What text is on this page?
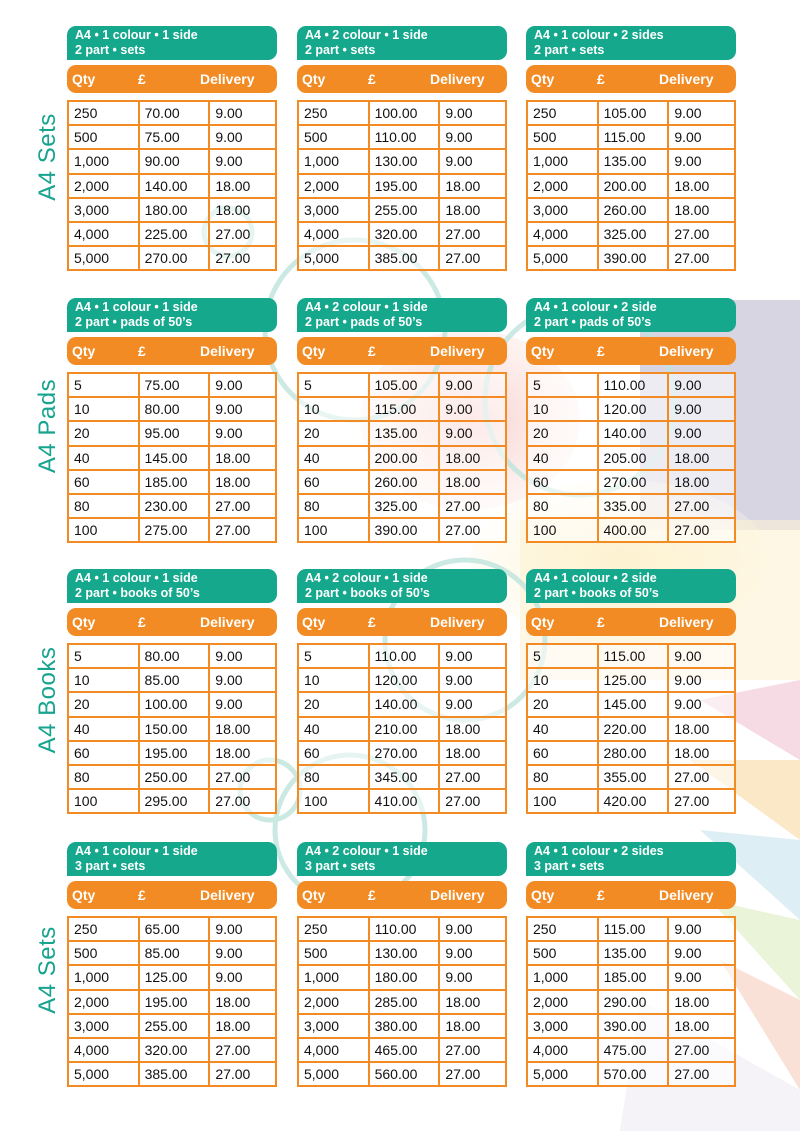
A4 Sets
A4 Pads
A4 Books
A4 Sets
A4 • 1 colour • 1 side
2 part • sets
Qty	£	Delivery
250	70.00	9.00
500	75.00	9.00
1,000	90.00	9.00
2,000	140.00	18.00
3,000	180.00	18.00
4,000	225.00	27.00
5,000	270.00	27.00
A4 • 2 colour • 1 side
2 part • sets
Qty	£	Delivery
250	100.00	9.00
500	110.00	9.00
1,000	130.00	9.00
2,000	195.00	18.00
3,000	255.00	18.00
4,000	320.00	27.00
5,000	385.00	27.00
A4 • 1 colour • 2 sides
2 part • sets
Qty	£	Delivery
250	105.00	9.00
500	115.00	9.00
1,000	135.00	9.00
2,000	200.00	18.00
3,000	260.00	18.00
4,000	325.00	27.00
5,000	390.00	27.00
A4 • 1 colour • 1 side
2 part • pads of 50’s
Qty	£	Delivery
5	75.00	9.00
10	80.00	9.00
20	95.00	9.00
40	145.00	18.00
60	185.00	18.00
80	230.00	27.00
100	275.00	27.00
A4 • 2 colour • 1 side
2 part • pads of 50’s
Qty	£	Delivery
5	105.00	9.00
10	115.00	9.00
20	135.00	9.00
40	200.00	18.00
60	260.00	18.00
80	325.00	27.00
100	390.00	27.00
A4 • 1 colour • 2 side
2 part • pads of 50’s
Qty	£	Delivery
5	110.00	9.00
10	120.00	9.00
20	140.00	9.00
40	205.00	18.00
60	270.00	18.00
80	335.00	27.00
100	400.00	27.00
A4 • 1 colour • 1 side
2 part • books of 50’s
Qty	£	Delivery
5	80.00	9.00
10	85.00	9.00
20	100.00	9.00
40	150.00	18.00
60	195.00	18.00
80	250.00	27.00
100	295.00	27.00
A4 • 2 colour • 1 side
2 part • books of 50’s
Qty	£	Delivery
5	110.00	9.00
10	120.00	9.00
20	140.00	9.00
40	210.00	18.00
60	270.00	18.00
80	345.00	27.00
100	410.00	27.00
A4 • 1 colour • 2 side
2 part • books of 50’s
Qty	£	Delivery
5	115.00	9.00
10	125.00	9.00
20	145.00	9.00
40	220.00	18.00
60	280.00	18.00
80	355.00	27.00
100	420.00	27.00
A4 • 1 colour • 1 side
3 part • sets
Qty	£	Delivery
250	65.00	9.00
500	85.00	9.00
1,000	125.00	9.00
2,000	195.00	18.00
3,000	255.00	18.00
4,000	320.00	27.00
5,000	385.00	27.00
A4 • 2 colour • 1 side
3 part • sets
Qty	£	Delivery
250	110.00	9.00
500	130.00	9.00
1,000	180.00	9.00
2,000	285.00	18.00
3,000	380.00	18.00
4,000	465.00	27.00
5,000	560.00	27.00
A4 • 1 colour • 2 sides
3 part • sets
Qty	£	Delivery
250	115.00	9.00
500	135.00	9.00
1,000	185.00	9.00
2,000	290.00	18.00
3,000	390.00	18.00
4,000	475.00	27.00
5,000	570.00	27.00
